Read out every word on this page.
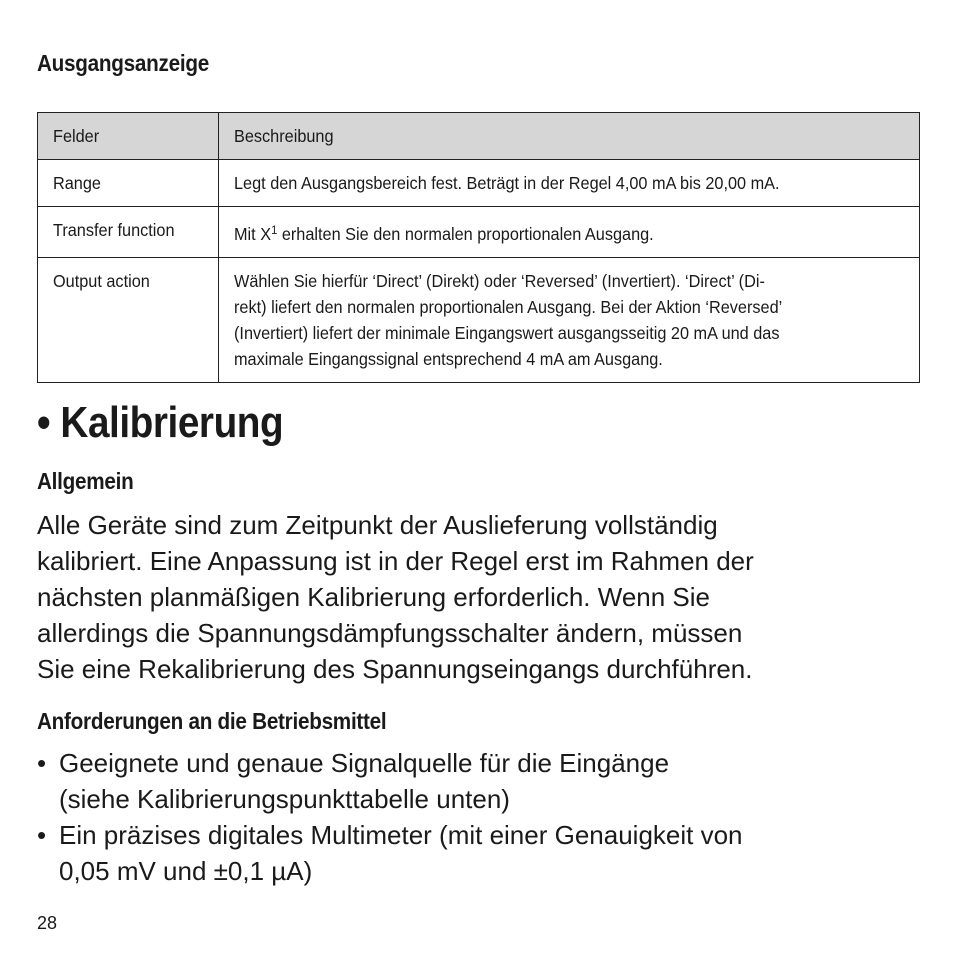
Ausgangsanzeige
Felder	Beschreibung

Range	Legt den Ausgangsbereich fest. Beträgt in der Regel 4,00 mA bis 20,00 mA.

Transfer function	Mit $X^1$ erhalten Sie den normalen proportionalen Ausgang.

Output action	Wählen Sie hierfür ‘Direct’ (Direkt) oder ‘Reversed’ (Invertiert). ‘Direct’ (Di-
rekt) liefert den normalen proportionalen Ausgang. Bei der Aktion ‘Reversed’
(Invertiert) liefert der minimale Eingangswert ausgangsseitig 20 mA und das
maximale Eingangssignal entsprechend 4 mA am Ausgang.
• Kalibrierung
Allgemein
Alle Geräte sind zum Zeitpunkt der Auslieferung vollständig
kalibriert. Eine Anpassung ist in der Regel erst im Rahmen der
nächsten planmäßigen Kalibrierung erforderlich. Wenn Sie
allerdings die Spannungsdämpfungsschalter ändern, müssen
Sie eine Rekalibrierung des Spannungseingangs durchführen.
Anforderungen an die Betriebsmittel
• Geeignete und genaue Signalquelle für die Eingänge
(siehe Kalibrierungspunkttabelle unten)
• Ein präzises digitales Multimeter (mit einer Genauigkeit von
0,05 mV und ±0,1 µA)
28
